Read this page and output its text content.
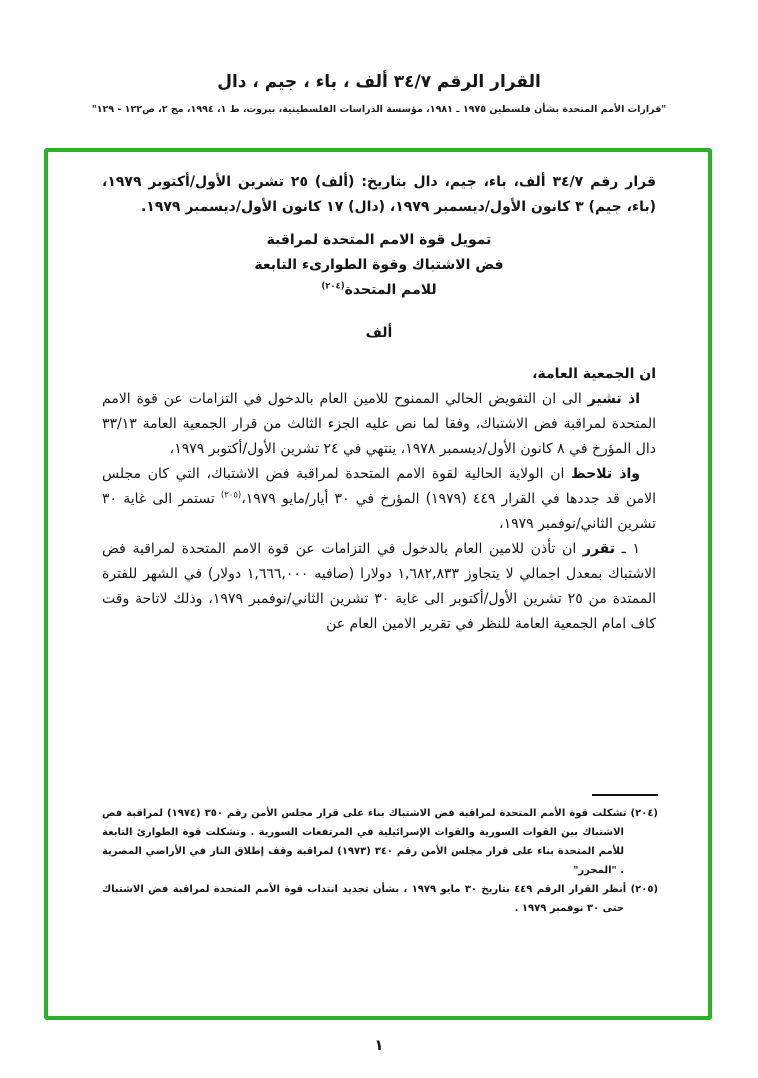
القرار الرقم ٣٤/٧ ألف ، باء ، جيم ، دال
"قرارات الأمم المتحدة بشأن فلسطين ١٩٧٥ ـ ١٩٨١، مؤسسة الدراسات الفلسطينية، بيروت، ط ١، ١٩٩٤، مج ٢، ص١٢٢ - ١٢٩"

قرار رقم ٣٤/٧ ألف، باء، جيم، دال بتاريخ: (ألف) ٢٥ تشرين الأول/أكتوبر ١٩٧٩، (باء، جيم) ٣ كانون الأول/ديسمبر ١٩٧٩، (دال) ١٧ كانون الأول/ديسمبر ١٩٧٩.

تمويل قوة الامم المتحدة لمراقبة
فض الاشتباك وقوة الطوارىء التابعة
للامم المتحدة$^{(٢٠٤)}$
ألف

ان الجمعية العامة،

اذ تشير الى ان التفويض الحالي الممنوح للامين العام بالدخول في التزامات عن قوة الامم المتحدة لمراقبة فض الاشتباك، وفقا لما نص عليه الجزء الثالث من قرار الجمعية العامة ٣٣/١٣ دال المؤرخ في ٨ كانون الأول/ديسمبر ١٩٧٨، ينتهي في ٢٤ تشرين الأول/أكتوبر ١٩٧٩،

واذ تلاحظ ان الولاية الحالية لقوة الامم المتحدة لمراقبة فض الاشتباك، التي كان مجلس الامن قد جددها في القرار ٤٤٩ (١٩٧٩) المؤرخ في ٣٠ أيار/مايو ١٩٧٩،$^{(٢٠٥)}$ تستمر الى غاية ٣٠ تشرين الثاني/نوفمبر ١٩٧٩،

١ ـ تقرر ان تأذن للامين العام بالدخول في التزامات عن قوة الامم المتحدة لمراقبة فض الاشتباك بمعدل اجمالي لا يتجاوز ١,٦٨٢,٨٣٣ دولارا (صافيه ١,٦٦٦,٠٠٠ دولار) في الشهر للفترة الممتدة من ٢٥ تشرين الأول/أكتوبر الى غاية ٣٠ تشرين الثاني/نوفمبر ١٩٧٩، وذلك لاتاحة وقت كاف امام الجمعية العامة للنظر في تقرير الامين العام عن

(٢٠٤) تشكلت قوة الأمم المتحدة لمراقبة فض الاشتباك بناء على قرار مجلس الأمن رقم ٣٥٠ (١٩٧٤) لمراقبة فض الاشتباك بين القوات السورية والقوات الإسرائيلية في المرتفعات السورية . وتشكلت قوة الطوارئ التابعة للأمم المتحدة بناء على قرار مجلس الأمن رقم ٣٤٠ (١٩٧٣) لمراقبة وقف إطلاق النار في الأراضي المصرية . "المحرر"

(٢٠٥) أنظر القرار الرقم ٤٤٩ بتاريخ ٣٠ مايو ١٩٧٩ ، بشأن تجديد انتداب قوة الأمم المتحدة لمراقبة فض الاشتباك حتى ٣٠ نوفمبر ١٩٧٩ .

١
